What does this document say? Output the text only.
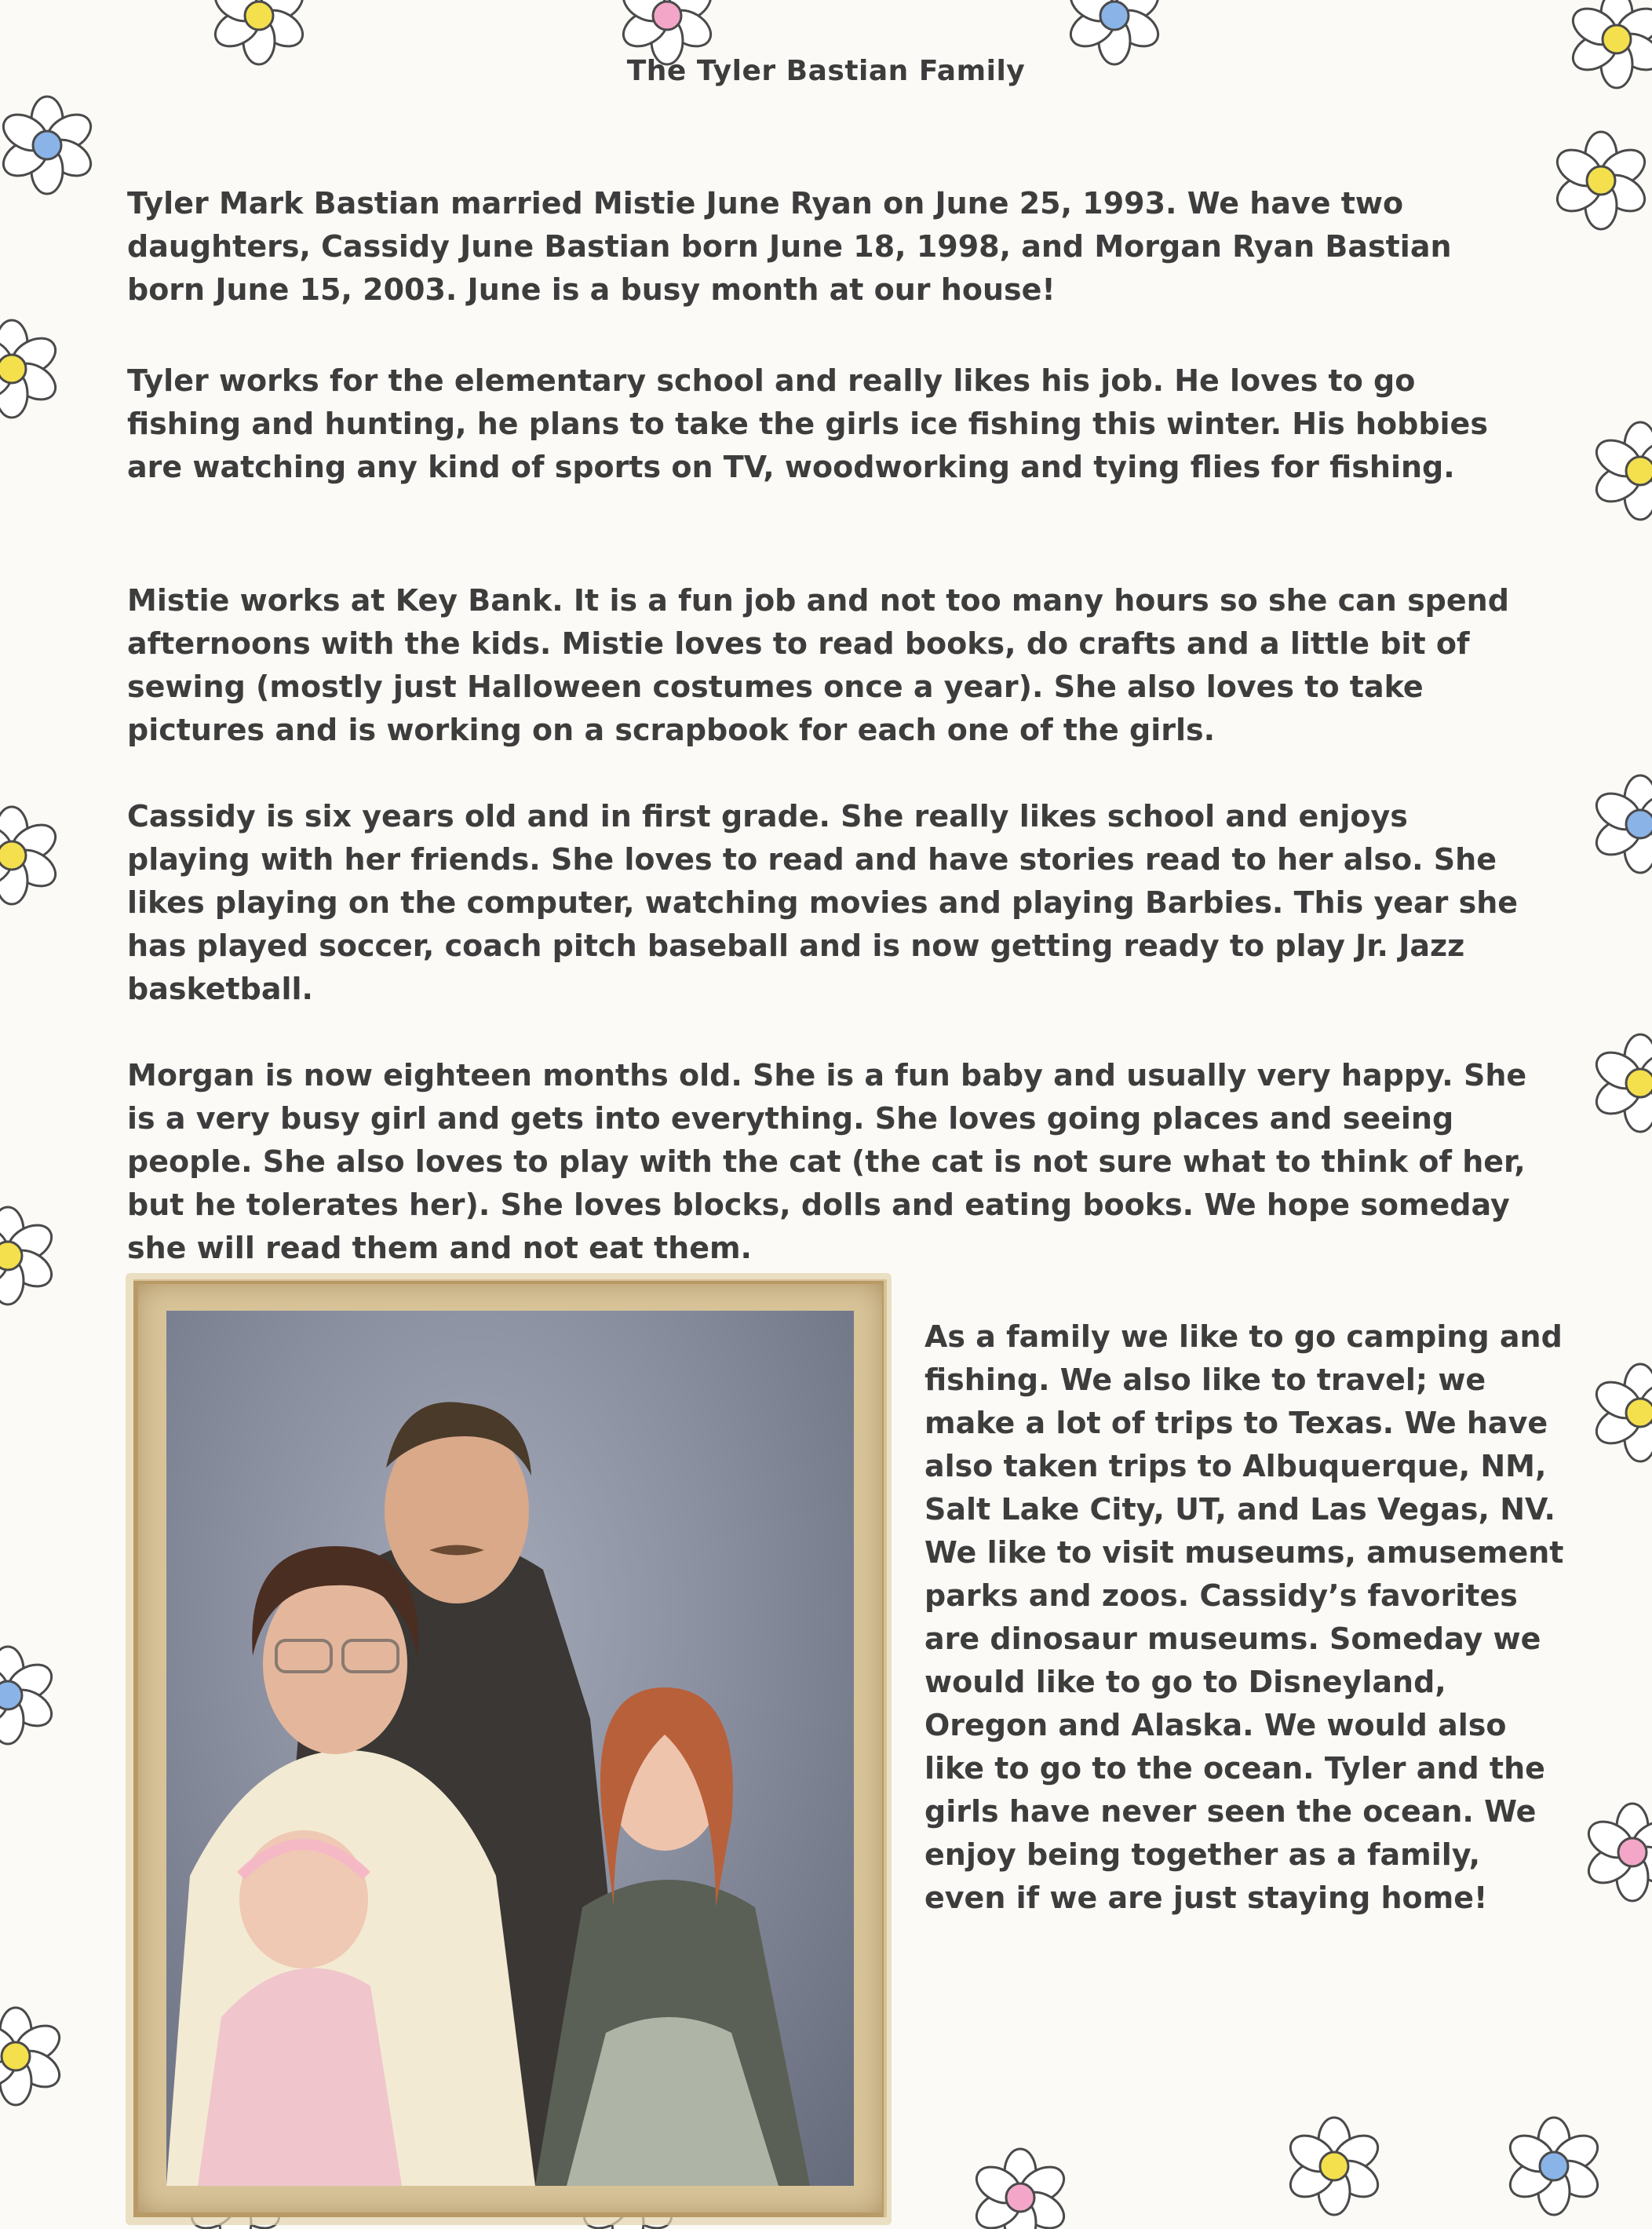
The Tyler Bastian Family

Tyler Mark Bastian married Mistie June Ryan on June 25, 1993. We have two daughters, Cassidy June Bastian born June 18, 1998, and Morgan Ryan Bastian born June 15, 2003. June is a busy month at our house!

Tyler works for the elementary school and really likes his job. He loves to go fishing and hunting, he plans to take the girls ice fishing this winter. His hobbies are watching any kind of sports on TV, woodworking and tying flies for fishing.

Mistie works at Key Bank. It is a fun job and not too many hours so she can spend afternoons with the kids. Mistie loves to read books, do crafts and a little bit of sewing (mostly just Halloween costumes once a year). She also loves to take pictures and is working on a scrapbook for each one of the girls.

Cassidy is six years old and in first grade. She really likes school and enjoys playing with her friends. She loves to read and have stories read to her also. She likes playing on the computer, watching movies and playing Barbies. This year she has played soccer, coach pitch baseball and is now getting ready to play Jr. Jazz basketball.

Morgan is now eighteen months old. She is a fun baby and usually very happy. She is a very busy girl and gets into everything. She loves going places and seeing people. She also loves to play with the cat (the cat is not sure what to think of her, but he tolerates her). She loves blocks, dolls and eating books. We hope someday she will read them and not eat them.

As a family we like to go camping and fishing. We also like to travel; we make a lot of trips to Texas. We have also taken trips to Albuquerque, NM, Salt Lake City, UT, and Las Vegas, NV. We like to visit museums, amusement parks and zoos. Cassidy’s favorites are dinosaur museums. Someday we would like to go to Disneyland, Oregon and Alaska. We would also like to go to the ocean. Tyler and the girls have never seen the ocean. We enjoy being together as a family, even if we are just staying home!
